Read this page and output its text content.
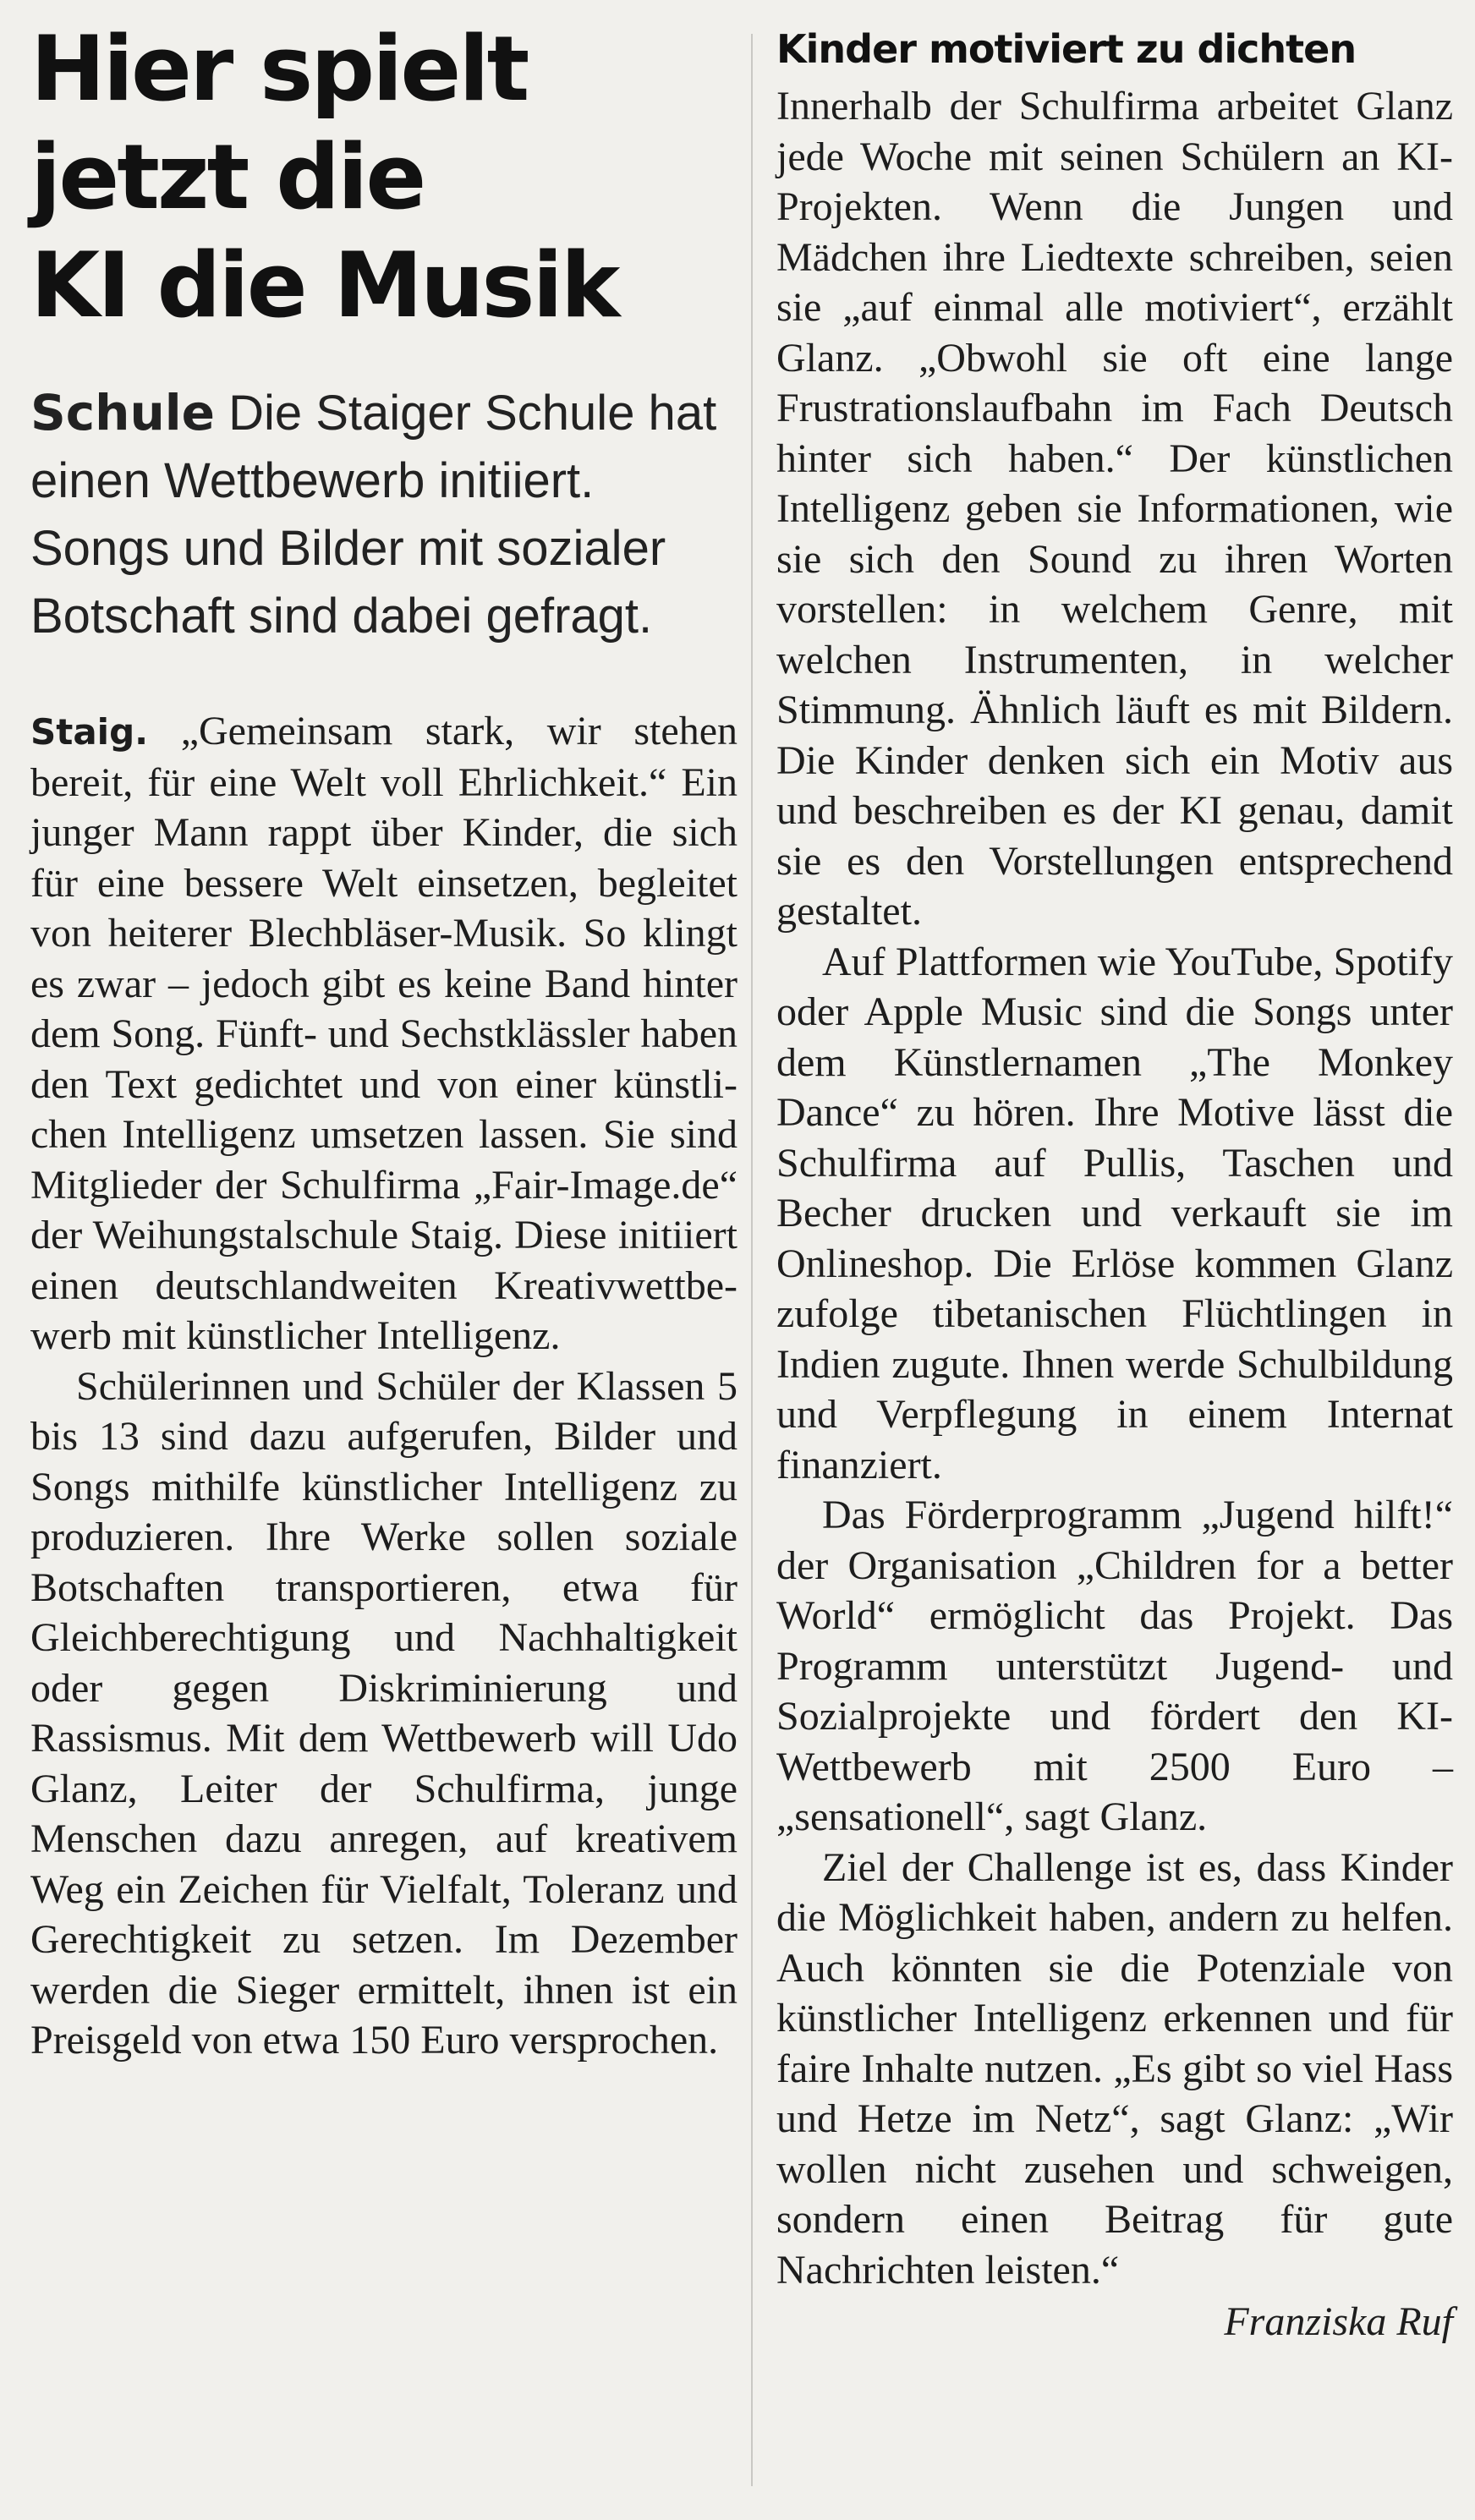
Hier spielt
jetzt die
KI die Musik

Schule Die Staiger Schule hat einen Wettbewerb initiiert. Songs und Bilder mit sozialer Botschaft sind dabei gefragt.

Staig. „Gemeinsam stark, wir stehen bereit, für eine Welt voll Ehrlichkeit.“ Ein junger Mann rappt über Kinder, die sich für eine bessere Welt einsetzen, begleitet von heiterer Blechbläser-Musik. So klingt es zwar – jedoch gibt es keine Band hinter dem Song. Fünft- und Sechstklässler haben den Text gedichtet und von einer künstlichen Intelligenz umsetzen lassen. Sie sind Mitglieder der Schulfirma „Fair-Image.de“ der Weihungstalschule Staig. Diese initiiert einen deutschlandweiten Kreativwettbewerb mit künstlicher Intelligenz.

Schülerinnen und Schüler der Klassen 5 bis 13 sind dazu aufgerufen, Bilder und Songs mithilfe künstlicher Intelligenz zu produzieren. Ihre Werke sollen soziale Botschaften transportieren, etwa für Gleichberechtigung und Nachhaltigkeit oder gegen Diskriminierung und Rassismus. Mit dem Wettbewerb will Udo Glanz, Leiter der Schulfirma, junge Menschen dazu anregen, auf kreativem Weg ein Zeichen für Vielfalt, Toleranz und Gerechtigkeit zu setzen. Im Dezember werden die Sieger ermittelt, ihnen ist ein Preisgeld von etwa 150 Euro versprochen.

Kinder motiviert zu dichten

Innerhalb der Schulfirma arbeitet Glanz jede Woche mit seinen Schülern an KI-Projekten. Wenn die Jungen und Mädchen ihre Liedtexte schreiben, seien sie „auf einmal alle motiviert“, erzählt Glanz. „Obwohl sie oft eine lange Frustrationslaufbahn im Fach Deutsch hinter sich haben.“ Der künstlichen Intelligenz geben sie Informationen, wie sie sich den Sound zu ihren Worten vorstellen: in welchem Genre, mit welchen Instrumenten, in welcher Stimmung. Ähnlich läuft es mit Bildern. Die Kinder denken sich ein Motiv aus und beschreiben es der KI genau, damit sie es den Vorstellungen entsprechend gestaltet.

Auf Plattformen wie YouTube, Spotify oder Apple Music sind die Songs unter dem Künstlernamen „The Monkey Dance“ zu hören. Ihre Motive lässt die Schulfirma auf Pullis, Taschen und Becher drucken und verkauft sie im Onlineshop. Die Erlöse kommen Glanz zufolge tibetanischen Flüchtlingen in Indien zugute. Ihnen werde Schulbildung und Verpflegung in einem Internat finanziert.

Das Förderprogramm „Jugend hilft!“ der Organisation „Children for a better World“ ermöglicht das Projekt. Das Programm unterstützt Jugend- und Sozialprojekte und fördert den KI-Wettbewerb mit 2500 Euro – „sensationell“, sagt Glanz.

Ziel der Challenge ist es, dass Kinder die Möglichkeit haben, andern zu helfen. Auch könnten sie die Potenziale von künstlicher Intelligenz erkennen und für faire Inhalte nutzen. „Es gibt so viel Hass und Hetze im Netz“, sagt Glanz: „Wir wollen nicht zusehen und schweigen, sondern einen Beitrag für gute Nachrichten leisten.“

Franziska Ruf
